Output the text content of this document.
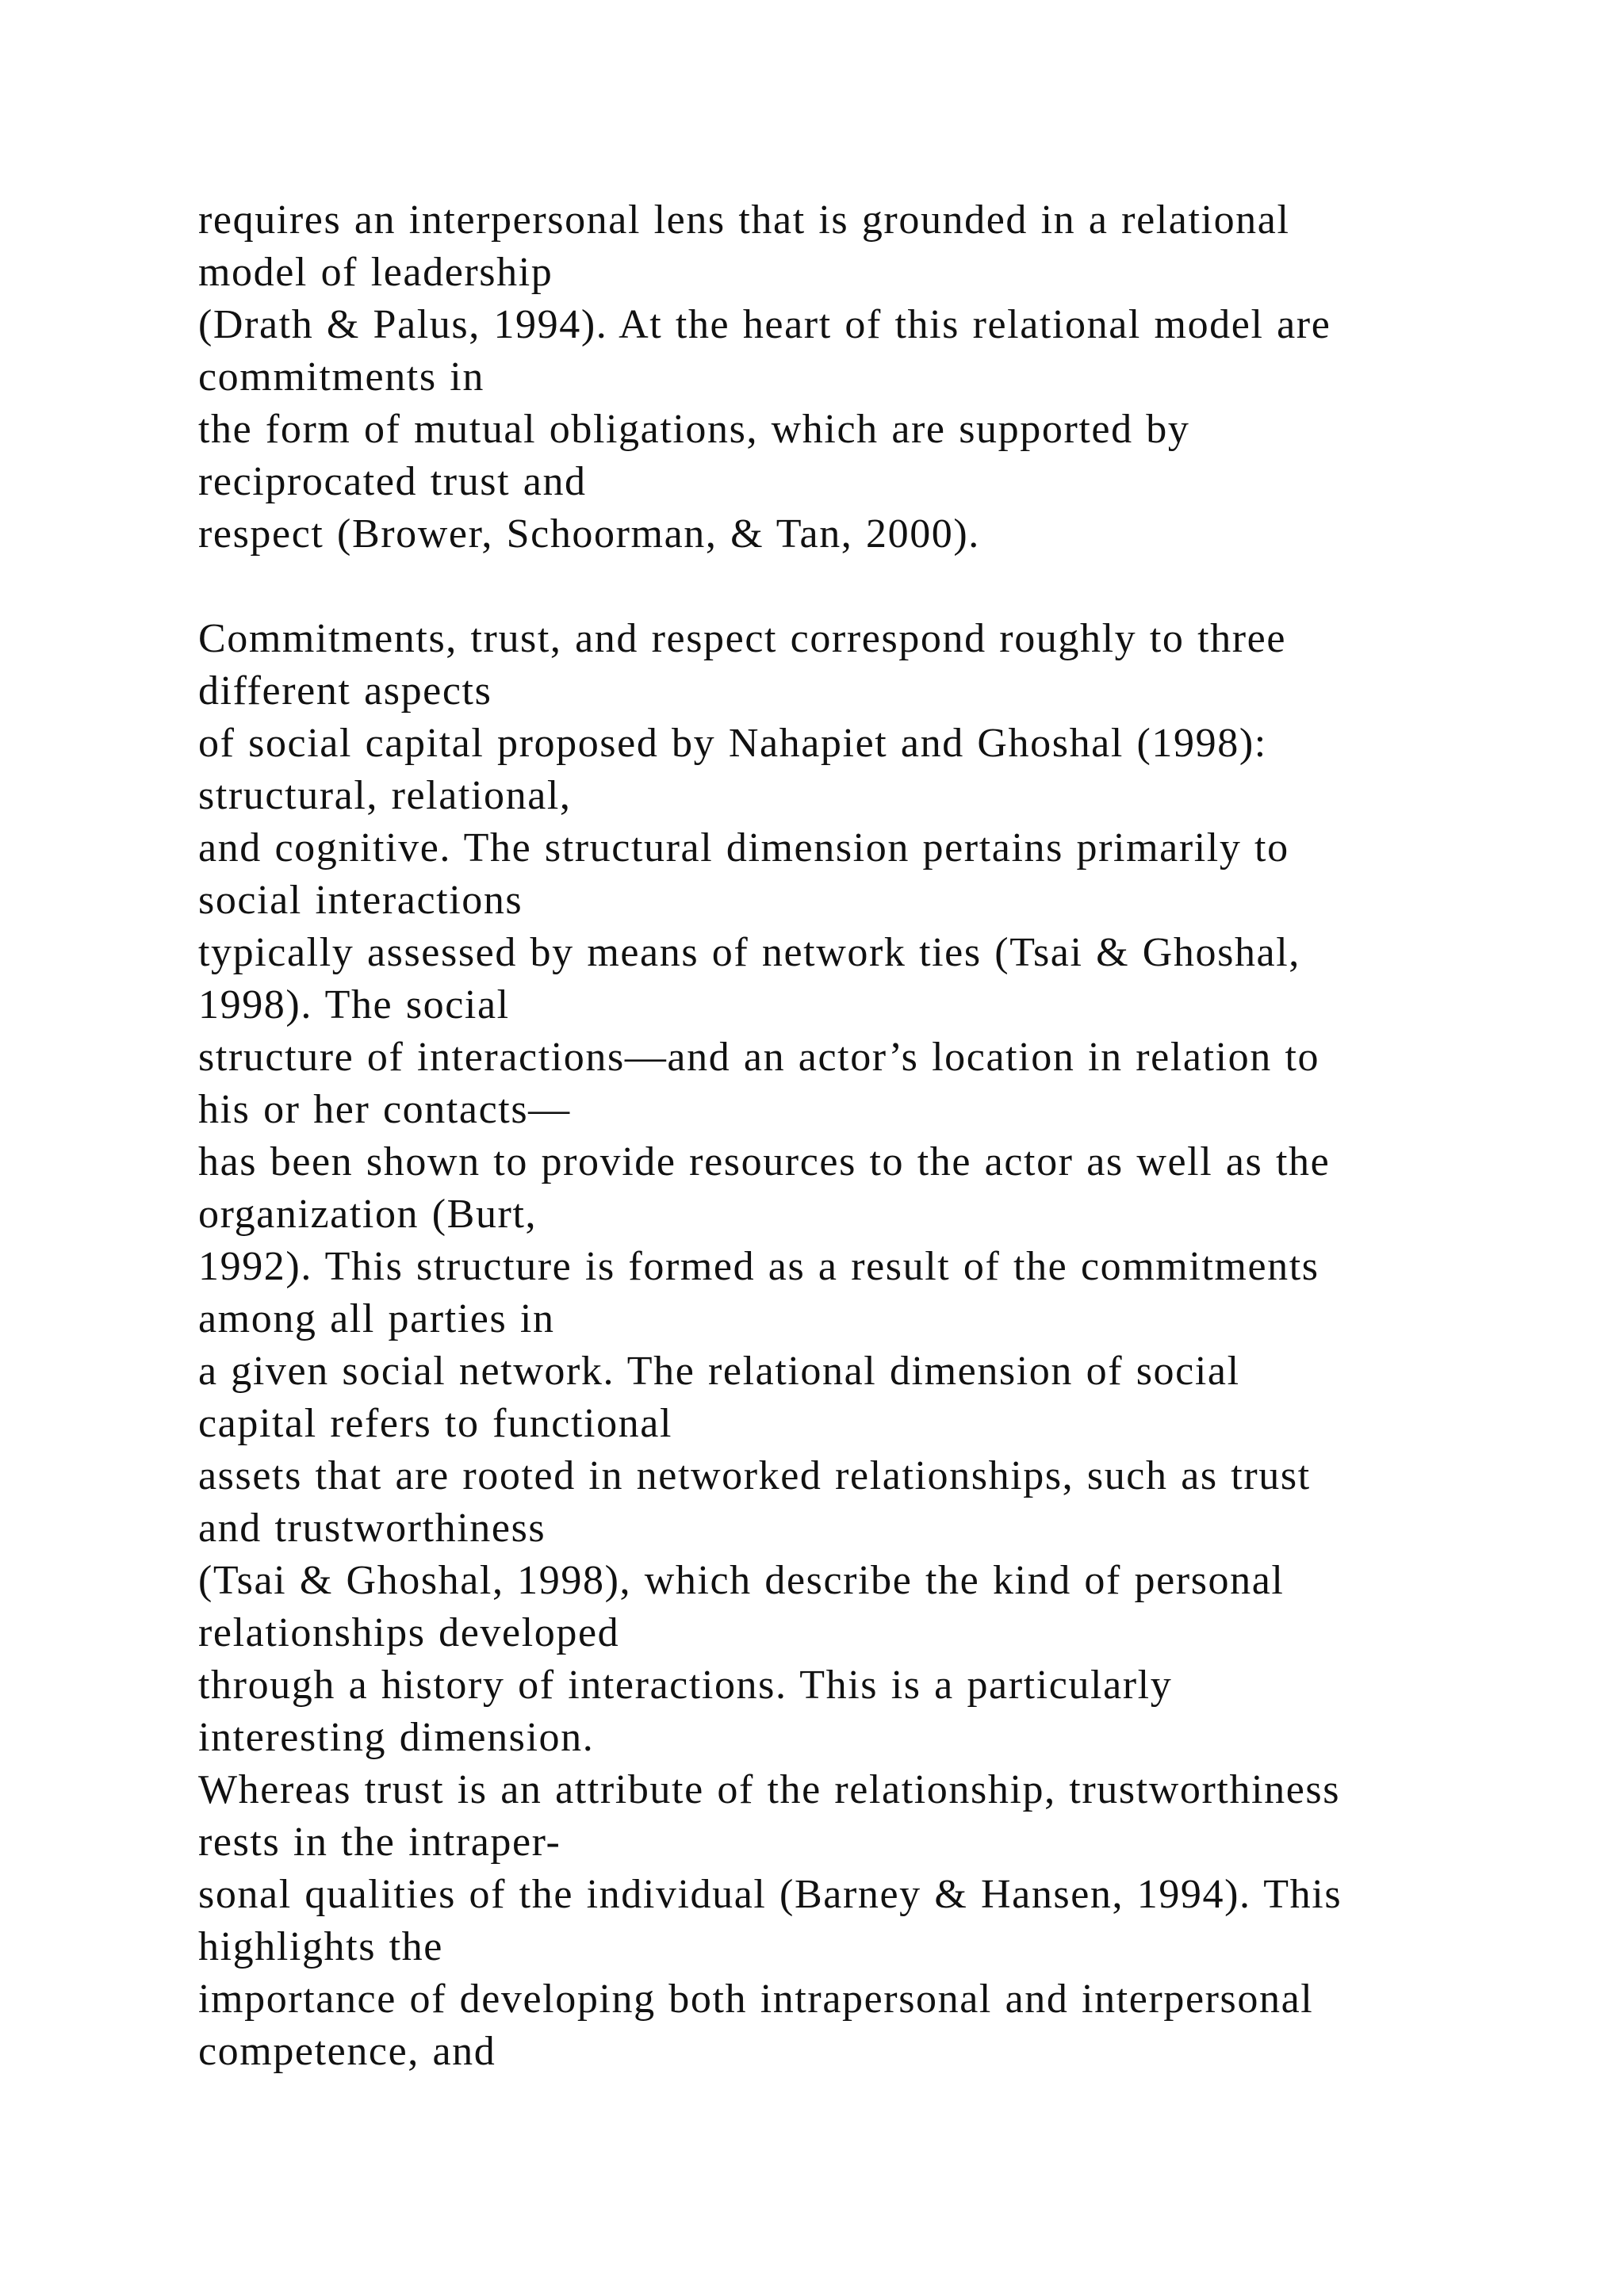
requires an interpersonal lens that is grounded in a relational
model of leadership
(Drath & Palus, 1994). At the heart of this relational model are
commitments in
the form of mutual obligations, which are supported by
reciprocated trust and
respect (Brower, Schoorman, & Tan, 2000).
Commitments, trust, and respect correspond roughly to three
different aspects
of social capital proposed by Nahapiet and Ghoshal (1998):
structural, relational,
and cognitive. The structural dimension pertains primarily to
social interactions
typically assessed by means of network ties (Tsai & Ghoshal,
1998). The social
structure of interactions—and an actor’s location in relation to
his or her contacts—
has been shown to provide resources to the actor as well as the
organization (Burt,
1992). This structure is formed as a result of the commitments
among all parties in
a given social network. The relational dimension of social
capital refers to functional
assets that are rooted in networked relationships, such as trust
and trustworthiness
(Tsai & Ghoshal, 1998), which describe the kind of personal
relationships developed
through a history of interactions. This is a particularly
interesting dimension.
Whereas trust is an attribute of the relationship, trustworthiness
rests in the intraper-
sonal qualities of the individual (Barney & Hansen, 1994). This
highlights the
importance of developing both intrapersonal and interpersonal
competence, and
